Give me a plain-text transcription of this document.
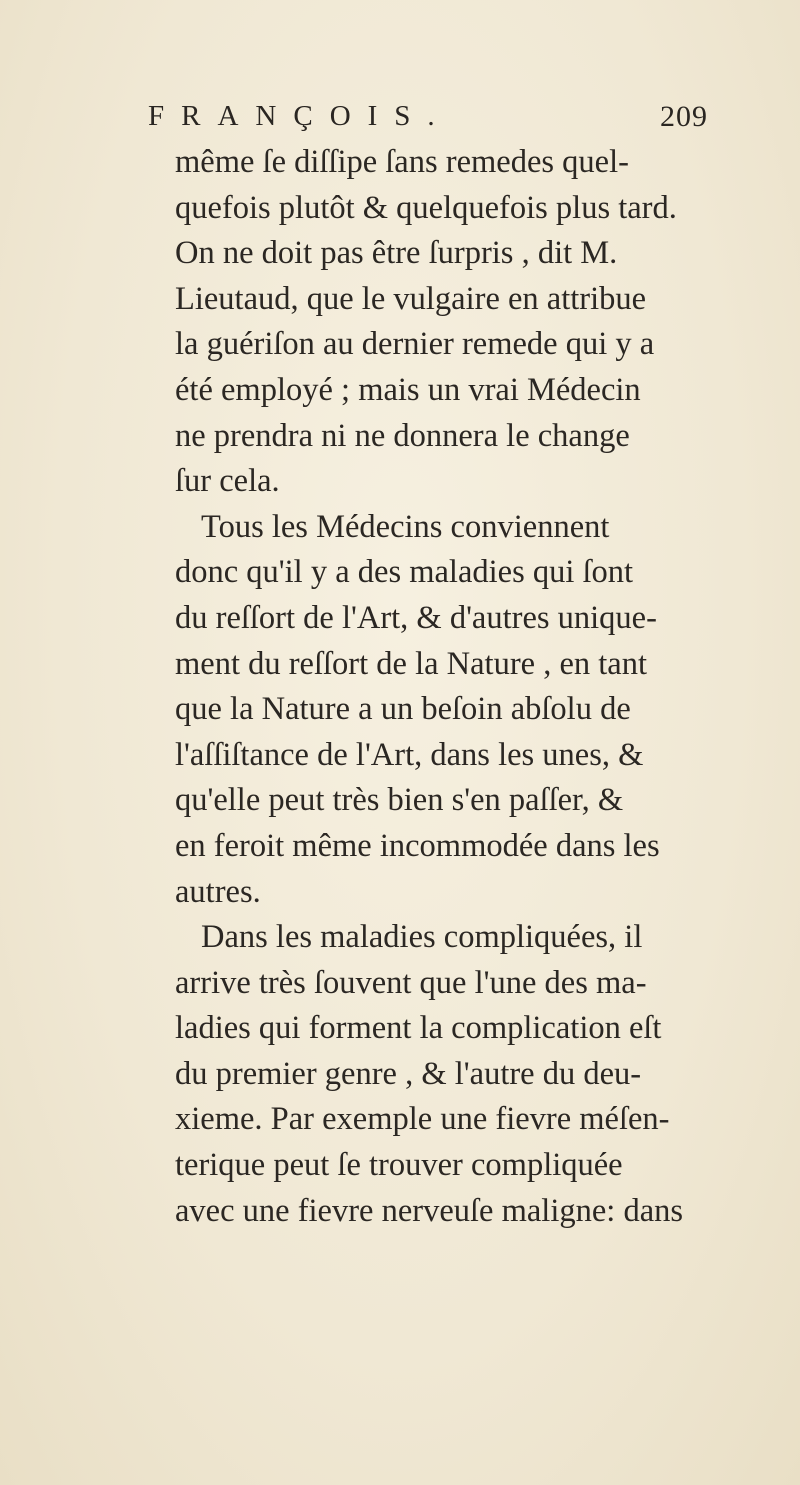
FRANÇOIS.	209
même ſe diſſipe ſans remedes quel-
quefois plutôt & quelquefois plus tard.
On ne doit pas être ſurpris , dit M.
Lieutaud, que le vulgaire en attribue
la guériſon au dernier remede qui y a
été employé ; mais un vrai Médecin
ne prendra ni ne donnera le change
ſur cela.
Tous les Médecins conviennent
donc qu'il y a des maladies qui ſont
du reſſort de l'Art, & d'autres unique-
ment du reſſort de la Nature , en tant
que la Nature a un beſoin abſolu de
l'aſſiſtance de l'Art, dans les unes, &
qu'elle peut très bien s'en paſſer, &
en feroit même incommodée dans les
autres.
Dans les maladies compliquées, il
arrive très ſouvent que l'une des ma-
ladies qui forment la complication eſt
du premier genre , & l'autre du deu-
xieme. Par exemple une fievre méſen-
terique peut ſe trouver compliquée
avec une fievre nerveuſe maligne: dans
